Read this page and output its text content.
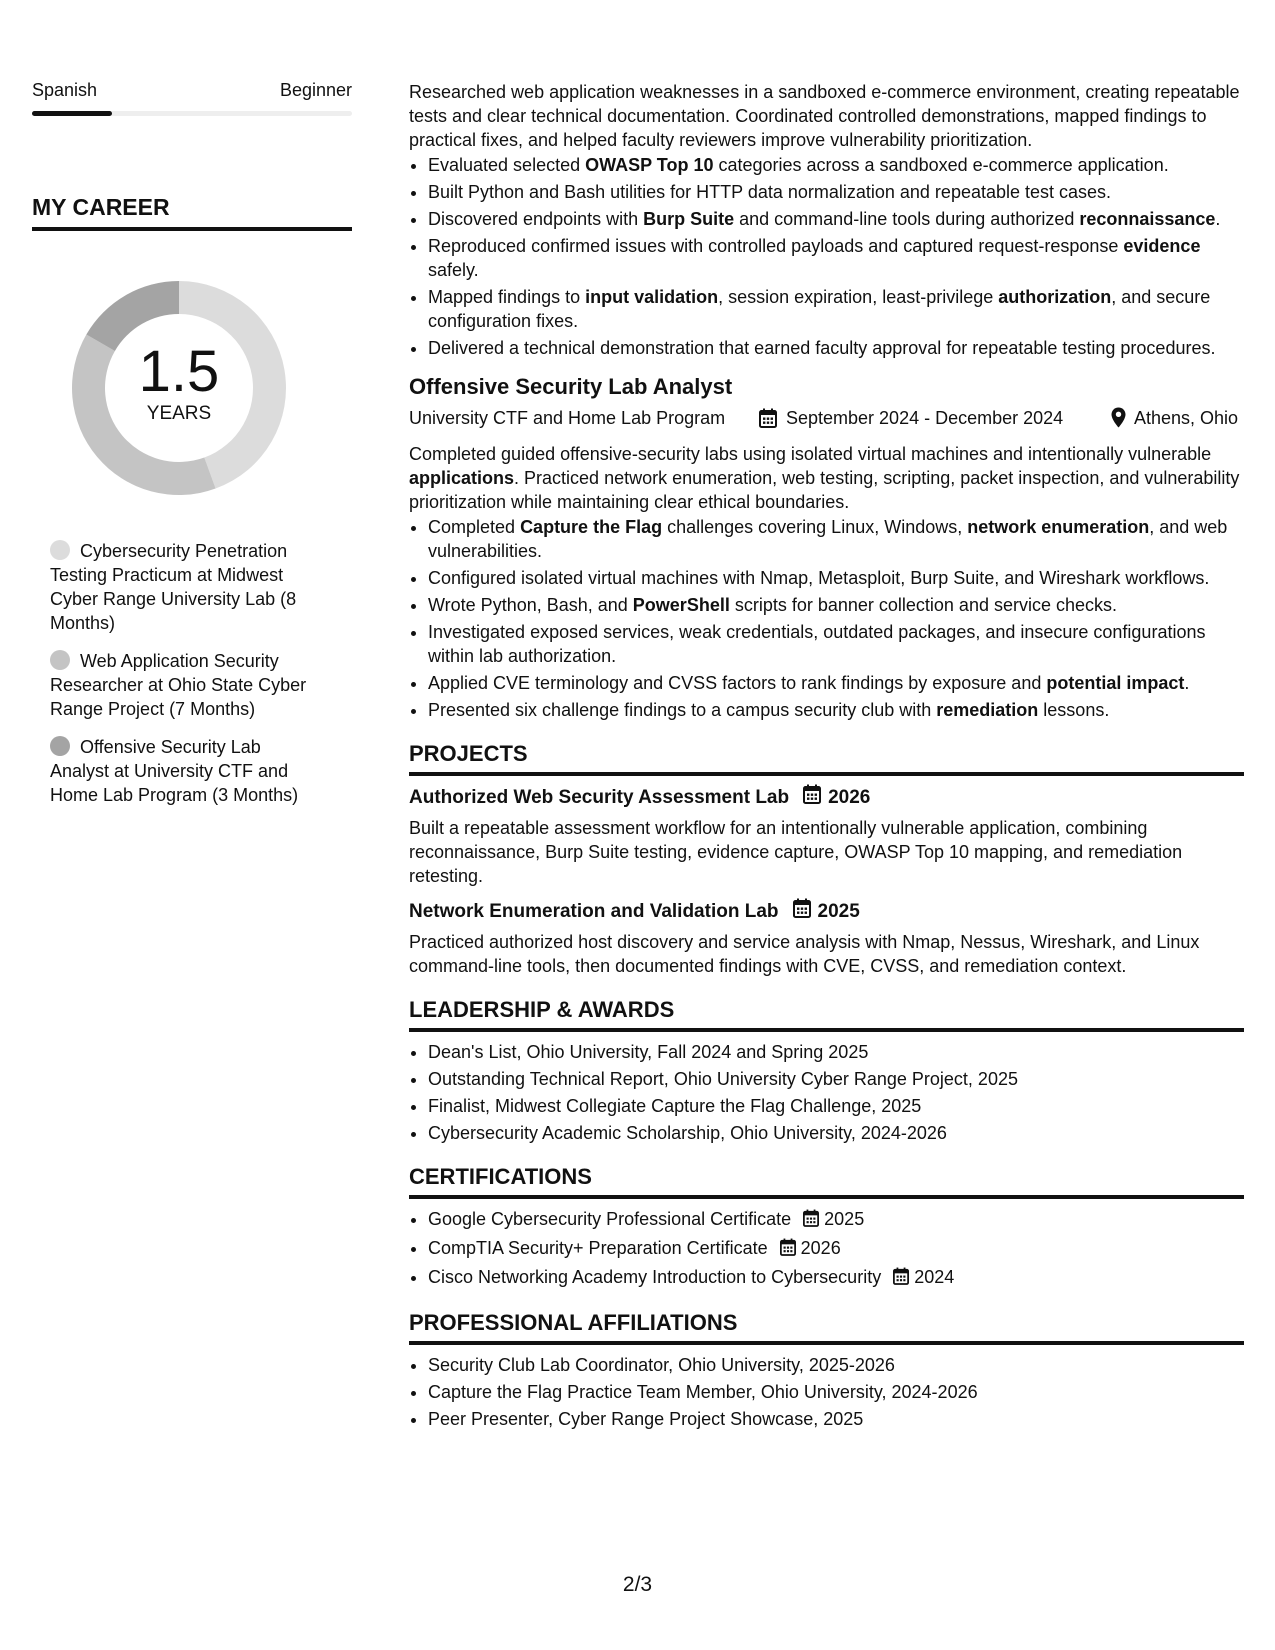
Spanish	Beginner
MY CAREER
1.5
YEARS
Cybersecurity Penetration Testing Practicum at Midwest Cyber Range University Lab (8 Months)
Web Application Security Researcher at Ohio State Cyber Range Project (7 Months)
Offensive Security Lab Analyst at University CTF and Home Lab Program (3 Months)

Researched web application weaknesses in a sandboxed e-commerce environment, creating repeatable tests and clear technical documentation. Coordinated controlled demonstrations, mapped findings to practical fixes, and helped faculty reviewers improve vulnerability prioritization.

• Evaluated selected OWASP Top 10 categories across a sandboxed e-commerce application.
• Built Python and Bash utilities for HTTP data normalization and repeatable test cases.
• Discovered endpoints with Burp Suite and command-line tools during authorized reconnaissance.
• Reproduced confirmed issues with controlled payloads and captured request-response evidence safely.
• Mapped findings to input validation, session expiration, least-privilege authorization, and secure configuration fixes.
• Delivered a technical demonstration that earned faculty approval for repeatable testing procedures.
Offensive Security Lab Analyst
University CTF and Home Lab Program	September 2024 - December 2024	Athens, Ohio

Completed guided offensive-security labs using isolated virtual machines and intentionally vulnerable applications. Practiced network enumeration, web testing, scripting, packet inspection, and vulnerability prioritization while maintaining clear ethical boundaries.

• Completed Capture the Flag challenges covering Linux, Windows, network enumeration, and web vulnerabilities.
• Configured isolated virtual machines with Nmap, Metasploit, Burp Suite, and Wireshark workflows.
• Wrote Python, Bash, and PowerShell scripts for banner collection and service checks.
• Investigated exposed services, weak credentials, outdated packages, and insecure configurations within lab authorization.
• Applied CVE terminology and CVSS factors to rank findings by exposure and potential impact.
• Presented six challenge findings to a campus security club with remediation lessons.
PROJECTS
Authorized Web Security Assessment Lab 2026

Built a repeatable assessment workflow for an intentionally vulnerable application, combining reconnaissance, Burp Suite testing, evidence capture, OWASP Top 10 mapping, and remediation retesting.

Network Enumeration and Validation Lab 2025

Practiced authorized host discovery and service analysis with Nmap, Nessus, Wireshark, and Linux command-line tools, then documented findings with CVE, CVSS, and remediation context.

LEADERSHIP & AWARDS
• Dean's List, Ohio University, Fall 2024 and Spring 2025
• Outstanding Technical Report, Ohio University Cyber Range Project, 2025
• Finalist, Midwest Collegiate Capture the Flag Challenge, 2025
• Cybersecurity Academic Scholarship, Ohio University, 2024-2026
CERTIFICATIONS
• Google Cybersecurity Professional Certificate 2025
• CompTIA Security+ Preparation Certificate 2026
• Cisco Networking Academy Introduction to Cybersecurity 2024
PROFESSIONAL AFFILIATIONS
• Security Club Lab Coordinator, Ohio University, 2025-2026
• Capture the Flag Practice Team Member, Ohio University, 2024-2026
• Peer Presenter, Cyber Range Project Showcase, 2025
2/3
